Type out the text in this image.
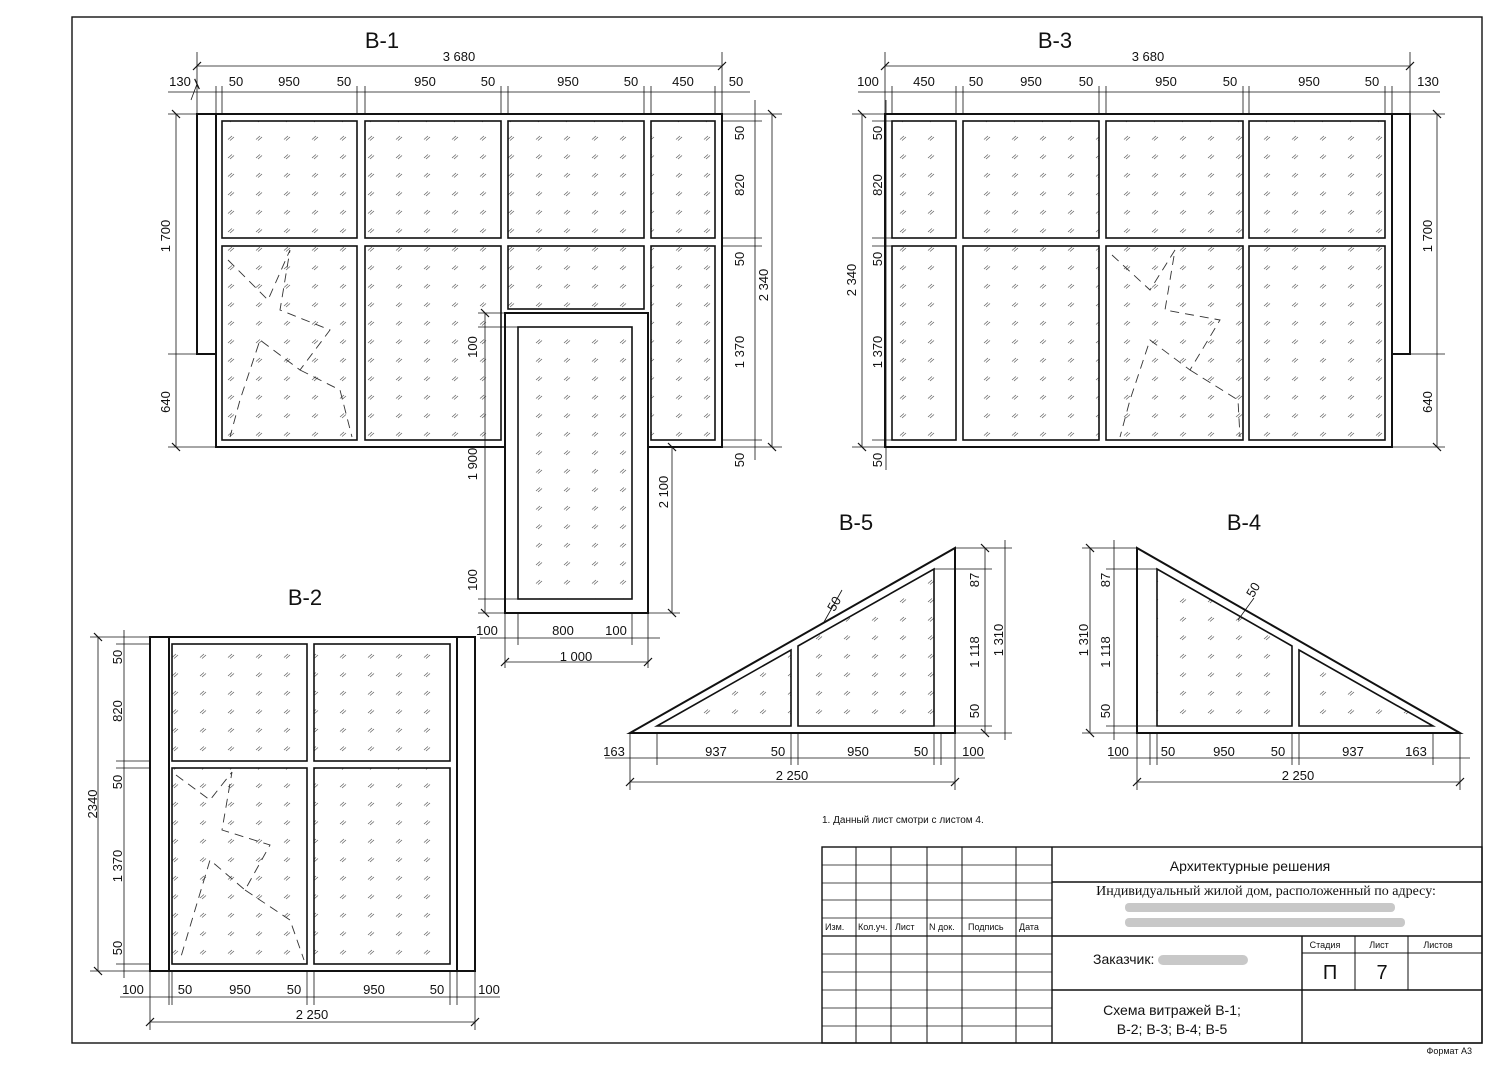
В-1
3 680
130	50	950	50	950	50	950	50	450	50
1 700
640
50
820
50
1 370
50
2 340
100
1 900
100
2 100
100	800 100
1 000
В-3
3 680
100	450	50	950	50	950	50	950	50	130
2 340
50
820
50
1 370
50
1 700
640
В-2
2340
50
820
50
1 370
50
100	50	950	50	950	50	100
2 250
В-5
50
87
1 118
50
1 310
163	937	50	950	50	100
2 250
В-4
50
1 310
87
1 118
50
100 50	950	50	937	163
2 250
1. Данный лист смотри с листом 4.
Изм. Кол.уч. Лист N док. Подпись Дата
Архитектурные решения
Индивидуальный жилой дом, расположенный по адресу:
Заказчик:
Схема витражей В-1;
В-2; В-3; В-4; В-5
Стадия	Лист	Листов
П 7
Формат А3
